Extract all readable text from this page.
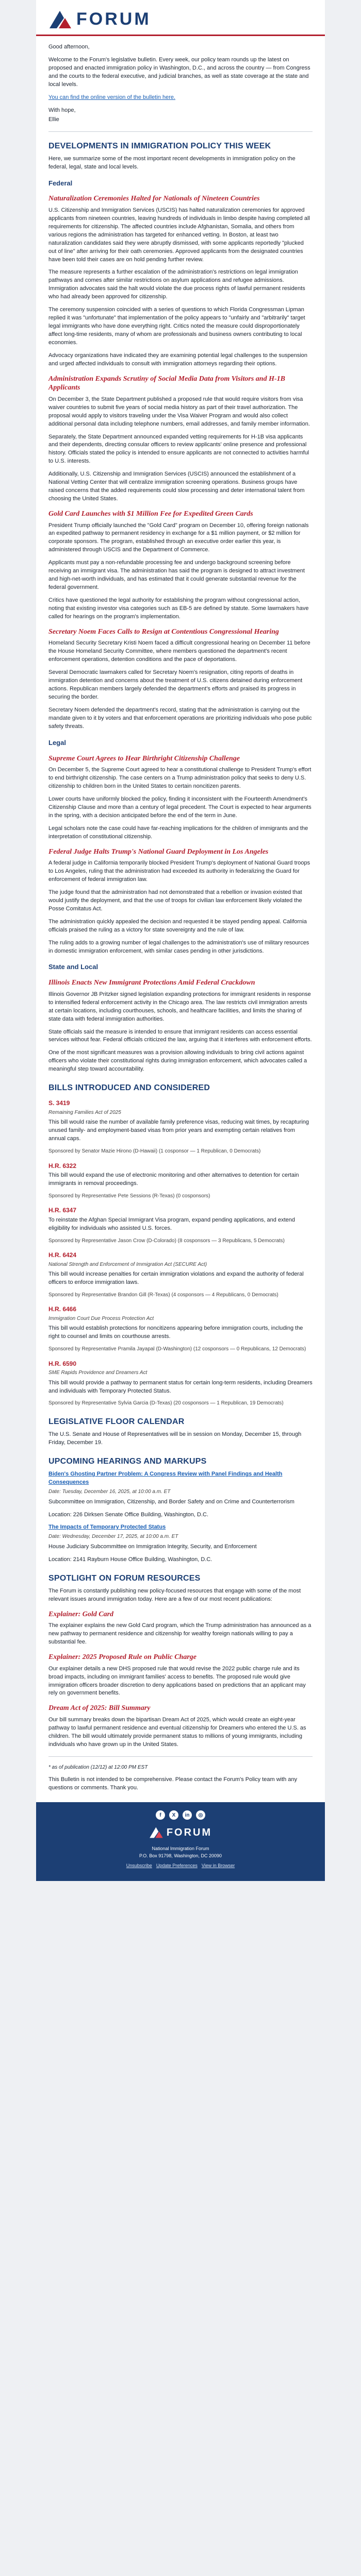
FORUM

Good afternoon,

Welcome to the Forum's legislative bulletin. Every week, our policy team rounds up the latest on proposed and enacted immigration policy in Washington, D.C., and across the country — from Congress and the courts to the federal executive, and judicial branches, as well as state coverage at the state and local levels.

You can find the online version of the bulletin here.

With hope,

Ellie

DEVELOPMENTS IN IMMIGRATION POLICY THIS WEEK

Here, we summarize some of the most important recent developments in immigration policy on the federal, legal, state and local levels.

Federal
Naturalization Ceremonies Halted for Nationals of Nineteen Countries

U.S. Citizenship and Immigration Services (USCIS) has halted naturalization ceremonies for approved applicants from nineteen countries, leaving hundreds of individuals in limbo despite having completed all requirements for citizenship. The affected countries include Afghanistan, Somalia, and others from various regions the administration has targeted for enhanced vetting. In Boston, at least two naturalization candidates said they were abruptly dismissed, with some applicants reportedly "plucked out of line" after arriving for their oath ceremonies. Approved applicants from the designated countries have been told their cases are on hold pending further review.

The measure represents a further escalation of the administration's restrictions on legal immigration pathways and comes after similar restrictions on asylum applications and refugee admissions. Immigration advocates said the halt would violate the due process rights of lawful permanent residents who had already been approved for citizenship.

The ceremony suspension coincided with a series of questions to which Florida Congressman Lipman replied it was "unfortunate" that implementation of the policy appears to "unfairly and "arbitrarily" target legal immigrants who have done everything right. Critics noted the measure could disproportionately affect long-time residents, many of whom are professionals and business owners contributing to local economies.

Advocacy organizations have indicated they are examining potential legal challenges to the suspension and urged affected individuals to consult with immigration attorneys regarding their options.

Administration Expands Scrutiny of Social Media Data from Visitors and H-1B Applicants

On December 3, the State Department published a proposed rule that would require visitors from visa waiver countries to submit five years of social media history as part of their travel authorization. The proposal would apply to visitors traveling under the Visa Waiver Program and would also collect additional personal data including telephone numbers, email addresses, and family member information.

Separately, the State Department announced expanded vetting requirements for H-1B visa applicants and their dependents, directing consular officers to review applicants' online presence and professional history. Officials stated the policy is intended to ensure applicants are not connected to activities harmful to U.S. interests.

Additionally, U.S. Citizenship and Immigration Services (USCIS) announced the establishment of a National Vetting Center that will centralize immigration screening operations. Business groups have raised concerns that the added requirements could slow processing and deter international talent from choosing the United States.

Gold Card Launches with $1 Million Fee for Expedited Green Cards

President Trump officially launched the "Gold Card" program on December 10, offering foreign nationals an expedited pathway to permanent residency in exchange for a $1 million payment, or $2 million for corporate sponsors. The program, established through an executive order earlier this year, is administered through USCIS and the Department of Commerce.

Applicants must pay a non-refundable processing fee and undergo background screening before receiving an immigrant visa. The administration has said the program is designed to attract investment and high-net-worth individuals, and has estimated that it could generate substantial revenue for the federal government.

Critics have questioned the legal authority for establishing the program without congressional action, noting that existing investor visa categories such as EB-5 are defined by statute. Some lawmakers have called for hearings on the program's implementation.

Secretary Noem Faces Calls to Resign at Contentious Congressional Hearing

Homeland Security Secretary Kristi Noem faced a difficult congressional hearing on December 11 before the House Homeland Security Committee, where members questioned the department's recent enforcement operations, detention conditions and the pace of deportations.

Several Democratic lawmakers called for Secretary Noem's resignation, citing reports of deaths in immigration detention and concerns about the treatment of U.S. citizens detained during enforcement actions. Republican members largely defended the department's efforts and praised its progress in securing the border.

Secretary Noem defended the department's record, stating that the administration is carrying out the mandate given to it by voters and that enforcement operations are prioritizing individuals who pose public safety threats.

Legal
Supreme Court Agrees to Hear Birthright Citizenship Challenge

On December 5, the Supreme Court agreed to hear a constitutional challenge to President Trump's effort to end birthright citizenship. The case centers on a Trump administration policy that seeks to deny U.S. citizenship to children born in the United States to certain noncitizen parents.

Lower courts have uniformly blocked the policy, finding it inconsistent with the Fourteenth Amendment's Citizenship Clause and more than a century of legal precedent. The Court is expected to hear arguments in the spring, with a decision anticipated before the end of the term in June.

Legal scholars note the case could have far-reaching implications for the children of immigrants and the interpretation of constitutional citizenship.

Federal Judge Halts Trump's National Guard Deployment in Los Angeles

A federal judge in California temporarily blocked President Trump's deployment of National Guard troops to Los Angeles, ruling that the administration had exceeded its authority in federalizing the Guard for enforcement of federal immigration law.

The judge found that the administration had not demonstrated that a rebellion or invasion existed that would justify the deployment, and that the use of troops for civilian law enforcement likely violated the Posse Comitatus Act.

The administration quickly appealed the decision and requested it be stayed pending appeal. California officials praised the ruling as a victory for state sovereignty and the rule of law.

The ruling adds to a growing number of legal challenges to the administration's use of military resources in domestic immigration enforcement, with similar cases pending in other jurisdictions.

State and Local
Illinois Enacts New Immigrant Protections Amid Federal Crackdown

Illinois Governor JB Pritzker signed legislation expanding protections for immigrant residents in response to intensified federal enforcement activity in the Chicago area. The law restricts civil immigration arrests at certain locations, including courthouses, schools, and healthcare facilities, and limits the sharing of state data with federal immigration authorities.

State officials said the measure is intended to ensure that immigrant residents can access essential services without fear. Federal officials criticized the law, arguing that it interferes with enforcement efforts.

One of the most significant measures was a provision allowing individuals to bring civil actions against officers who violate their constitutional rights during immigration enforcement, which advocates called a meaningful step toward accountability.

BILLS INTRODUCED AND CONSIDERED
S. 3419
Remaining Families Act of 2025

This bill would raise the number of available family preference visas, reducing wait times, by recapturing unused family- and employment-based visas from prior years and exempting certain relatives from annual caps.

Sponsored by Senator Mazie Hirono (D-Hawaii) (1 cosponsor — 1 Republican, 0 Democrats)

H.R. 6322

This bill would expand the use of electronic monitoring and other alternatives to detention for certain immigrants in removal proceedings.

Sponsored by Representative Pete Sessions (R-Texas) (0 cosponsors)

H.R. 6347

To reinstate the Afghan Special Immigrant Visa program, expand pending applications, and extend eligibility for individuals who assisted U.S. forces.

Sponsored by Representative Jason Crow (D-Colorado) (8 cosponsors — 3 Republicans, 5 Democrats)

H.R. 6424
National Strength and Enforcement of Immigration Act (SECURE Act)

This bill would increase penalties for certain immigration violations and expand the authority of federal officers to enforce immigration laws.

Sponsored by Representative Brandon Gill (R-Texas) (4 cosponsors — 4 Republicans, 0 Democrats)

H.R. 6466
Immigration Court Due Process Protection Act

This bill would establish protections for noncitizens appearing before immigration courts, including the right to counsel and limits on courthouse arrests.

Sponsored by Representative Pramila Jayapal (D-Washington) (12 cosponsors — 0 Republicans, 12 Democrats)

H.R. 6590
SME Rapids Providence and Dreamers Act

This bill would provide a pathway to permanent status for certain long-term residents, including Dreamers and individuals with Temporary Protected Status.

Sponsored by Representative Sylvia Garcia (D-Texas) (20 cosponsors — 1 Republican, 19 Democrats)

LEGISLATIVE FLOOR CALENDAR

The U.S. Senate and House of Representatives will be in session on Monday, December 15, through Friday, December 19.

UPCOMING HEARINGS AND MARKUPS
Biden's Ghosting Partner Problem: A Congress Review with Panel Findings and Health Consequences
Date: Tuesday, December 16, 2025, at 10:00 a.m. ET

Subcommittee on Immigration, Citizenship, and Border Safety and on Crime and Counterterrorism

Location: 226 Dirksen Senate Office Building, Washington, D.C.

The Impacts of Temporary Protected Status
Date: Wednesday, December 17, 2025, at 10:00 a.m. ET

House Judiciary Subcommittee on Immigration Integrity, Security, and Enforcement

Location: 2141 Rayburn House Office Building, Washington, D.C.

SPOTLIGHT ON FORUM RESOURCES

The Forum is constantly publishing new policy-focused resources that engage with some of the most relevant issues around immigration today. Here are a few of our most recent publications:

Explainer: Gold Card

The explainer explains the new Gold Card program, which the Trump administration has announced as a new pathway to permanent residence and citizenship for wealthy foreign nationals willing to pay a substantial fee.

Explainer: 2025 Proposed Rule on Public Charge

Our explainer details a new DHS proposed rule that would revise the 2022 public charge rule and its broad impacts, including on immigrant families' access to benefits. The proposed rule would give immigration officers broader discretion to deny applications based on predictions that an applicant may rely on government benefits.

Dream Act of 2025: Bill Summary

Our bill summary breaks down the bipartisan Dream Act of 2025, which would create an eight-year pathway to lawful permanent residence and eventual citizenship for Dreamers who entered the U.S. as children. The bill would ultimately provide permanent status to millions of young immigrants, including individuals who have grown up in the United States.

* as of publication (12/12) at 12:00 PM EST

This Bulletin is not intended to be comprehensive. Please contact the Forum's Policy team with any questions or comments. Thank you.

f	X	in	◎
FORUM
National Immigration Forum
P.O. Box 91798, Washington, DC 20090
Unsubscribe Update Preferences View in Browser
